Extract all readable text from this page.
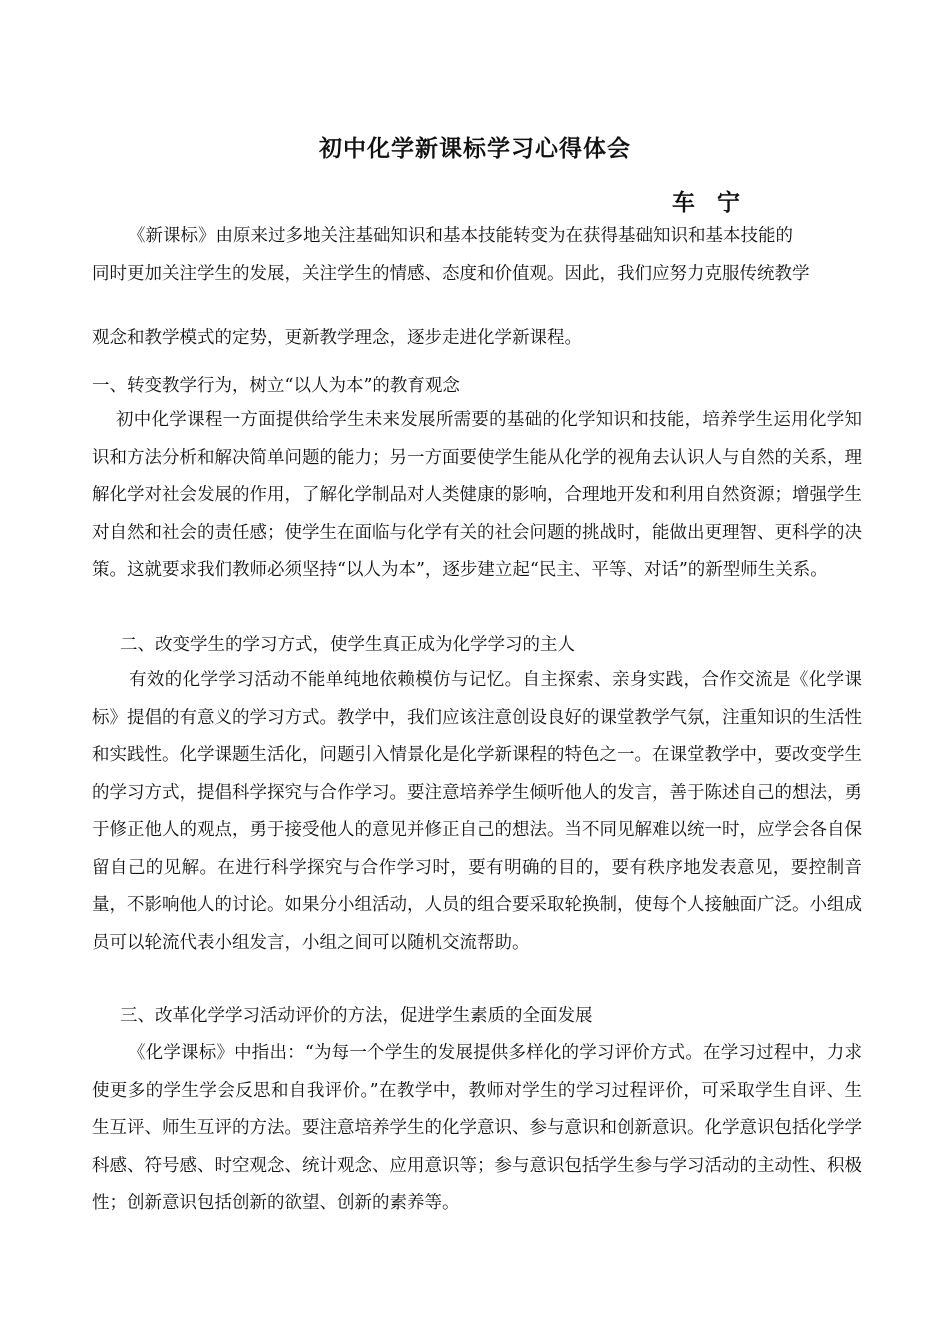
初中化学新课标学习心得体会
车宁

《新课标》由原来过多地关注基础知识和基本技能转变为在获得基础知识和基本技能的

同时更加关注学生的发展，关注学生的情感、态度和价值观。因此，我们应努力克服传统教学

观念和教学模式的定势，更新教学理念，逐步走进化学新课程。

一、转变教学行为，树立“以人为本”的教育观念

初中化学课程一方面提供给学生未来发展所需要的基础的化学知识和技能，培养学生运用化学知识和方法分析和解决简单问题的能力；另一方面要使学生能从化学的视角去认识人与自然的关系，理解化学对社会发展的作用，了解化学制品对人类健康的影响，合理地开发和利用自然资源；增强学生对自然和社会的责任感；使学生在面临与化学有关的社会问题的挑战时，能做出更理智、更科学的决策。这就要求我们教师必须坚持“以人为本”，逐步建立起“民主、平等、对话”的新型师生关系。

二、改变学生的学习方式，使学生真正成为化学学习的主人

有效的化学学习活动不能单纯地依赖模仿与记忆。自主探索、亲身实践，合作交流是《化学课标》提倡的有意义的学习方式。教学中，我们应该注意创设良好的课堂教学气氛，注重知识的生活性和实践性。化学课题生活化，问题引入情景化是化学新课程的特色之一。在课堂教学中，要改变学生的学习方式，提倡科学探究与合作学习。要注意培养学生倾听他人的发言，善于陈述自己的想法，勇于修正他人的观点，勇于接受他人的意见并修正自己的想法。当不同见解难以统一时，应学会各自保留自己的见解。在进行科学探究与合作学习时，要有明确的目的，要有秩序地发表意见，要控制音量，不影响他人的讨论。如果分小组活动，人员的组合要采取轮换制，使每个人接触面广泛。小组成员可以轮流代表小组发言，小组之间可以随机交流帮助。

三、改革化学学习活动评价的方法，促进学生素质的全面发展

《化学课标》中指出：“为每一个学生的发展提供多样化的学习评价方式。在学习过程中，力求使更多的学生学会反思和自我评价。”在教学中，教师对学生的学习过程评价，可采取学生自评、生生互评、师生互评的方法。要注意培养学生的化学意识、参与意识和创新意识。化学意识包括化学学科感、符号感、时空观念、统计观念、应用意识等；参与意识包括学生参与学习活动的主动性、积极性；创新意识包括创新的欲望、创新的素养等。
